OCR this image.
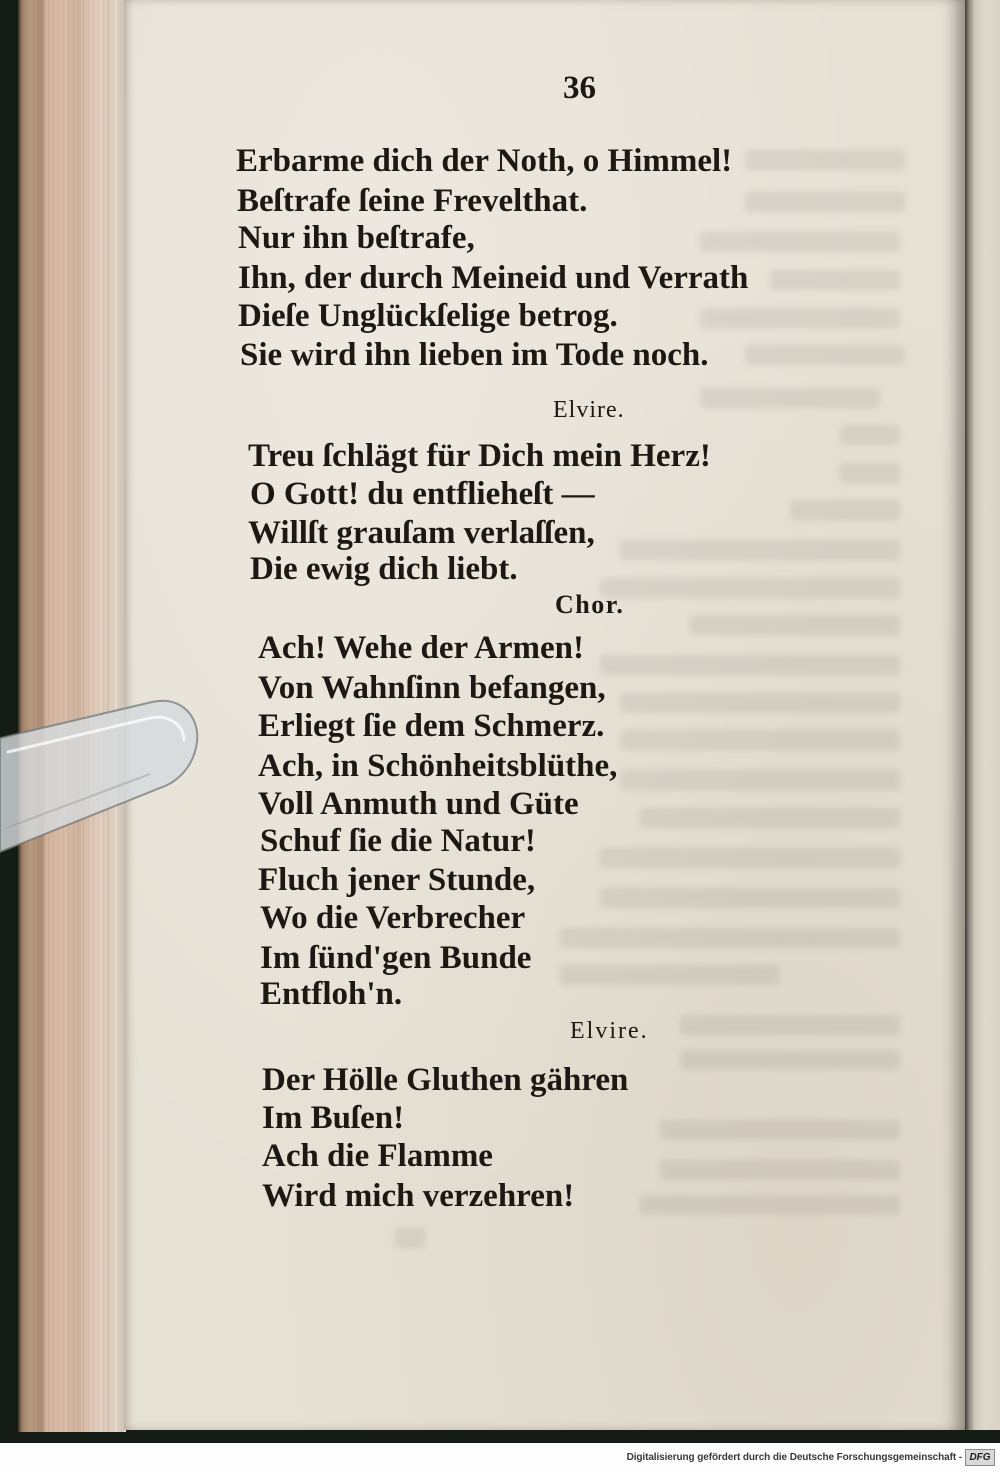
36
Erbarme dich der Noth, o Himmel!
Beſtrafe ſeine Frevelthat.
Nur ihn beſtrafe,
Ihn, der durch Meineid und Verrath
Dieſe Unglückſelige betrog.
Sie wird ihn lieben im Tode noch.
Elvire.
Treu ſchlägt für Dich mein Herz!
O Gott! du entflieheſt —
Willſt grauſam verlaſſen,
Die ewig dich liebt.
Chor.
Ach! Wehe der Armen!
Von Wahnſinn befangen,
Erliegt ſie dem Schmerz.
Ach, in Schönheitsblüthe,
Voll Anmuth und Güte
Schuf ſie die Natur!
Fluch jener Stunde,
Wo die Verbrecher
Im ſünd'gen Bunde
Entfloh'n.
Elvire.
Der Hölle Gluthen gähren
Im Buſen!
Ach die Flamme
Wird mich verzehren!
Digitalisierung gefördert durch die Deutsche Forschungsgemeinschaft - DFG
